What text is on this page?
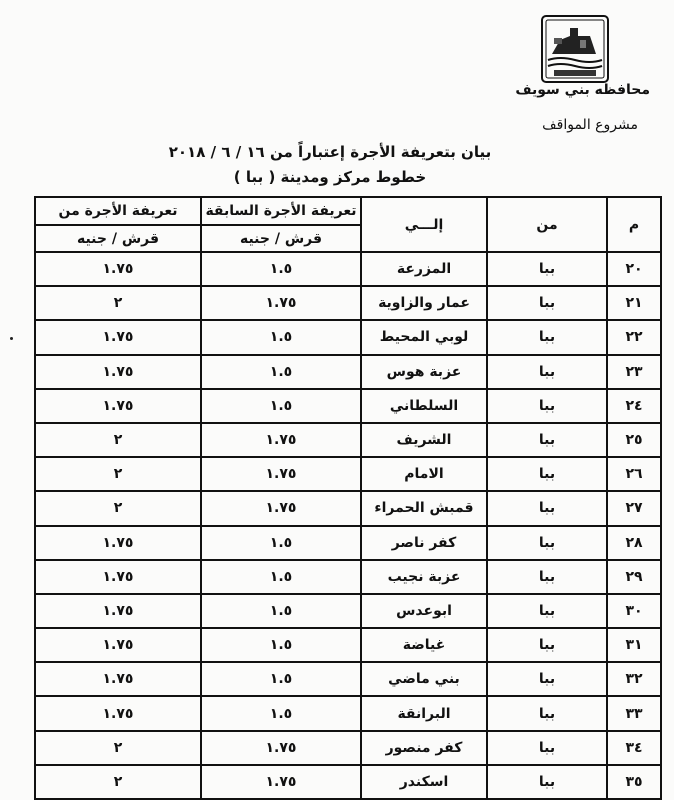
محافظه بني سويف
مشروع المواقف
بيان بتعريفة الأجرة إعتباراً من ١٦ / ٦ / ٢٠١٨
خطوط مركز ومدينة ( ببا )
م	من	إلـــي	تعريفة الأجرة السابقة	تعريفة الأجرة من
			قرش / جنيه	قرش / جنيه
٢٠	ببا	المزرعة	١.٥	١.٧٥
٢١	ببا	عمار والزاوية	١.٧٥	٢
٢٢	ببا	لوبي المحيط	١.٥	١.٧٥
٢٣	ببا	عزبة هوس	١.٥	١.٧٥
٢٤	ببا	السلطاني	١.٥	١.٧٥
٢٥	ببا	الشريف	١.٧٥	٢
٢٦	ببا	الامام	١.٧٥	٢
٢٧	ببا	قمبش الحمراء	١.٧٥	٢
٢٨	ببا	كفر ناصر	١.٥	١.٧٥
٢٩	ببا	عزبة نجيب	١.٥	١.٧٥
٣٠	ببا	ابوعدس	١.٥	١.٧٥
٣١	ببا	غياضة	١.٥	١.٧٥
٣٢	ببا	بني ماضي	١.٥	١.٧٥
٣٣	ببا	البرانقة	١.٥	١.٧٥
٣٤	ببا	كفر منصور	١.٧٥	٢
٣٥	ببا	اسكندر	١.٧٥	٢
